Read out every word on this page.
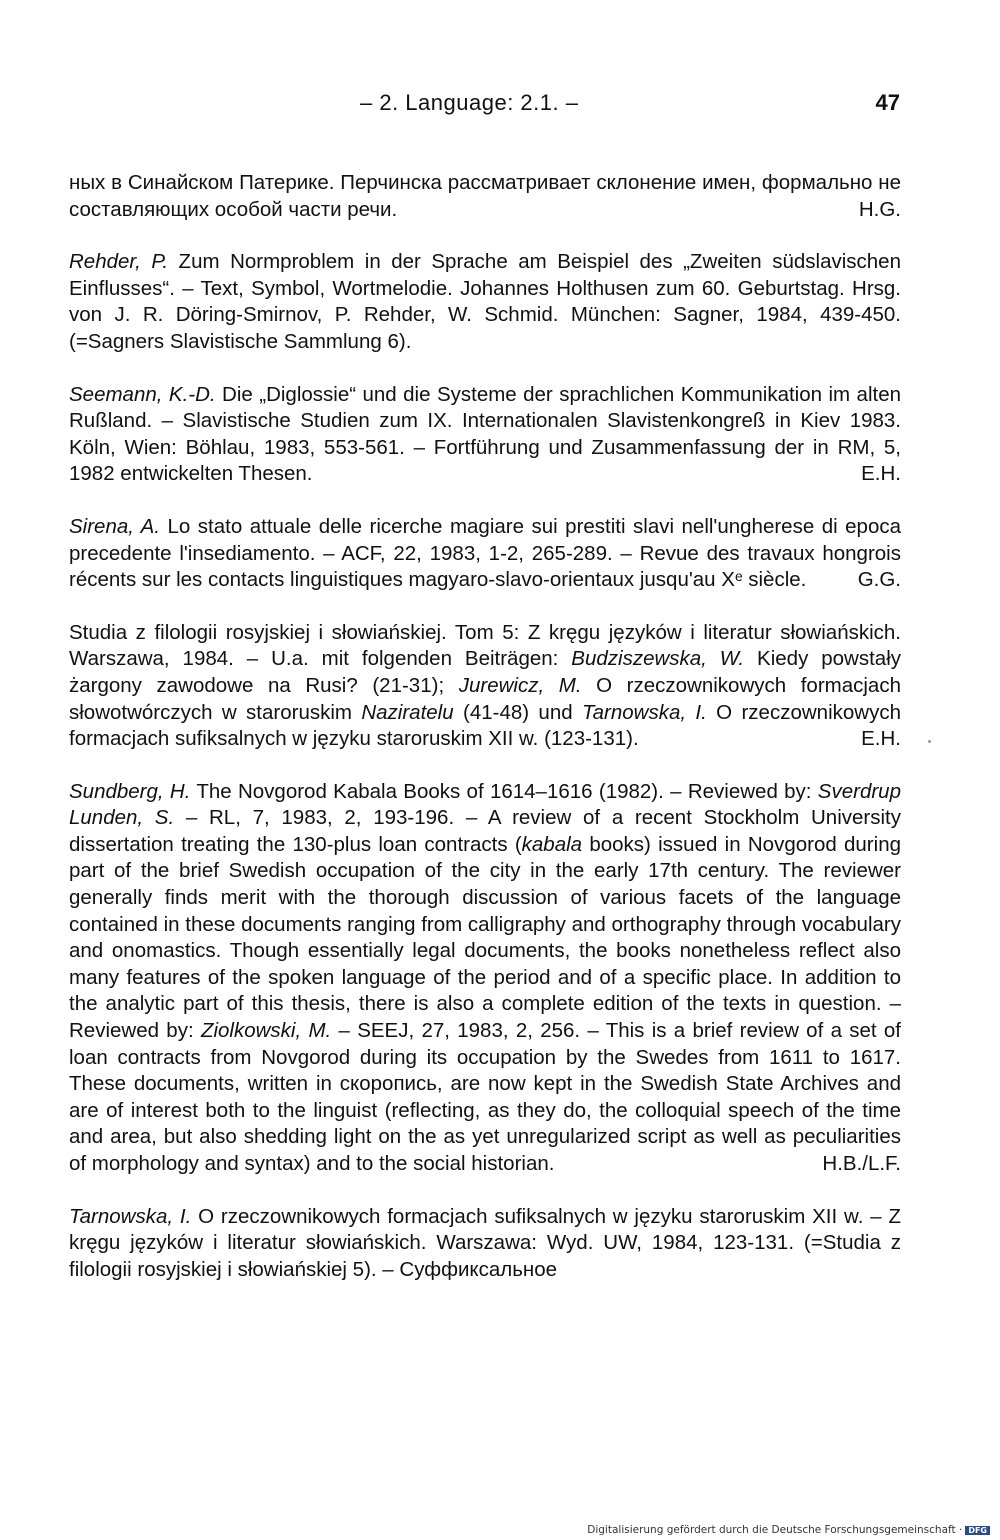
– 2. Language: 2.1. –	47
ных в Синайском Патерике. Перчинска рассматривает склонение имен, формально не составляющих особой части речи.	H.G.
Rehder, P. Zum Normproblem in der Sprache am Beispiel des „Zweiten südslavischen Einflusses“. – Text, Symbol, Wortmelodie. Johannes Holthusen zum 60. Geburtstag. Hrsg. von J. R. Döring-Smirnov, P. Rehder, W. Schmid. München: Sagner, 1984, 439-450. (=Sagners Slavistische Sammlung 6).
Seemann, K.-D. Die „Diglossie“ und die Systeme der sprachlichen Kommunikation im alten Rußland. – Slavistische Studien zum IX. Internationalen Slavistenkongreß in Kiev 1983. Köln, Wien: Böhlau, 1983, 553-561. – Fortführung und Zusammenfassung der in RM, 5, 1982 entwickelten Thesen.	E.H.
Sirena, A. Lo stato attuale delle ricerche magiare sui prestiti slavi nell'ungherese di epoca precedente l'insediamento. – ACF, 22, 1983, 1-2, 265-289. – Revue des travaux hongrois récents sur les contacts linguistiques magyaro-slavo-orientaux jusqu'au Xᵉ siècle.	G.G.
Studia z filologii rosyjskiej i słowiańskiej. Tom 5: Z kręgu języków i literatur słowiańskich. Warszawa, 1984. – U.a. mit folgenden Beiträgen: Budziszewska, W. Kiedy powstały żargony zawodowe na Rusi? (21-31); Jurewicz, M. O rzeczownikowych formacjach słowotwórczych w staroruskim Naziratelu (41-48) und Tarnowska, I. O rzeczownikowych formacjach sufiksalnych w języku staroruskim XII w. (123-131).	E.H.
Sundberg, H. The Novgorod Kabala Books of 1614–1616 (1982). – Reviewed by: Sverdrup Lunden, S. – RL, 7, 1983, 2, 193-196. – A review of a recent Stockholm University dissertation treating the 130-plus loan contracts (kabala books) issued in Novgorod during part of the brief Swedish occupation of the city in the early 17th century. The reviewer generally finds merit with the thorough discussion of various facets of the language contained in these documents ranging from calligraphy and orthography through vocabulary and onomastics. Though essentially legal documents, the books nonetheless reflect also many features of the spoken language of the period and of a specific place. In addition to the analytic part of this thesis, there is also a complete edition of the texts in question. – Reviewed by: Ziolkowski, M. – SEEJ, 27, 1983, 2, 256. – This is a brief review of a set of loan contracts from Novgorod during its occupation by the Swedes from 1611 to 1617. These documents, written in скоропись, are now kept in the Swedish State Archives and are of interest both to the linguist (reflecting, as they do, the colloquial speech of the time and area, but also shedding light on the as yet unregularized script as well as peculiarities of morphology and syntax) and to the social historian.	H.B./L.F.
Tarnowska, I. O rzeczownikowych formacjach sufiksalnych w języku staroruskim XII w. – Z kręgu języków i literatur słowiańskich. Warszawa: Wyd. UW, 1984, 123-131. (=Studia z filologii rosyjskiej i słowiańskiej 5). – Суффиксальное
Digitalisierung gefördert durch die Deutsche Forschungsgemeinschaft · DFG
